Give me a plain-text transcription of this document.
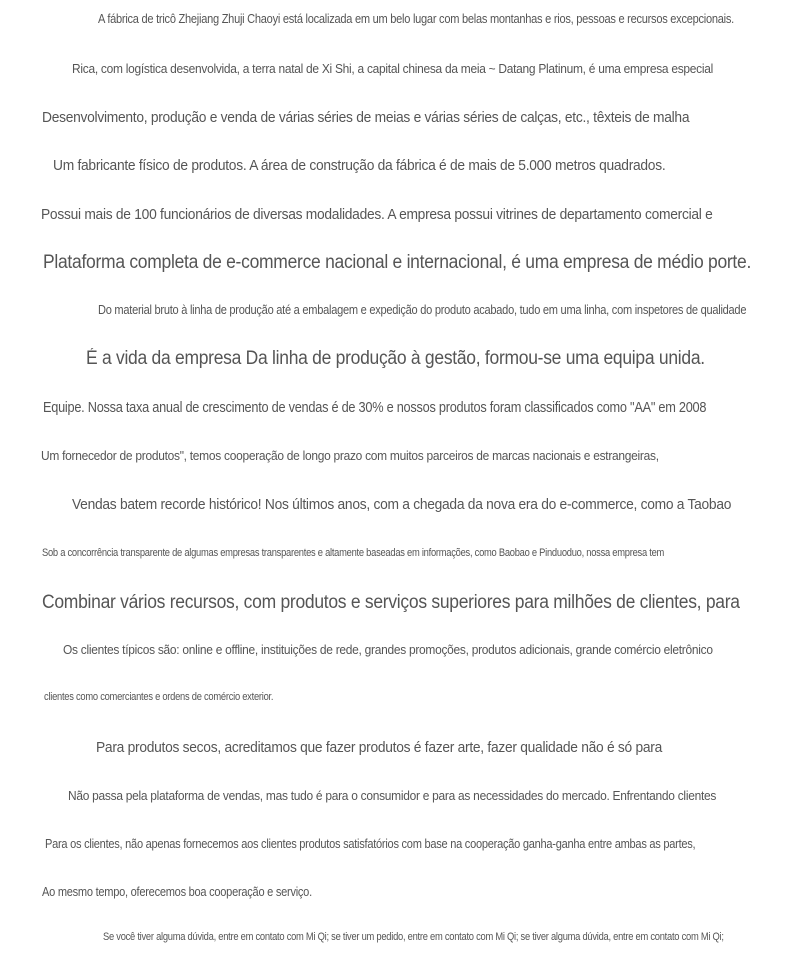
A fábrica de tricô Zhejiang Zhuji Chaoyi está localizada em um belo lugar com belas montanhas e rios, pessoas e recursos excepcionais.
Rica, com logística desenvolvida, a terra natal de Xi Shi, a capital chinesa da meia ~ Datang Platinum, é uma empresa especial
Desenvolvimento, produção e venda de várias séries de meias e várias séries de calças, etc., têxteis de malha
Um fabricante físico de produtos. A área de construção da fábrica é de mais de 5.000 metros quadrados.
Possui mais de 100 funcionários de diversas modalidades. A empresa possui vitrines de departamento comercial e
Plataforma completa de e-commerce nacional e internacional, é uma empresa de médio porte.
Do material bruto à linha de produção até a embalagem e expedição do produto acabado, tudo em uma linha, com inspetores de qualidade
É a vida da empresa Da linha de produção à gestão, formou-se uma equipa unida.
Equipe. Nossa taxa anual de crescimento de vendas é de 30% e nossos produtos foram classificados como "AA" em 2008
Um fornecedor de produtos", temos cooperação de longo prazo com muitos parceiros de marcas nacionais e estrangeiras,
Vendas batem recorde histórico! Nos últimos anos, com a chegada da nova era do e-commerce, como a Taobao
Sob a concorrência transparente de algumas empresas transparentes e altamente baseadas em informações, como Baobao e Pinduoduo, nossa empresa tem
Combinar vários recursos, com produtos e serviços superiores para milhões de clientes, para
Os clientes típicos são: online e offline, instituições de rede, grandes promoções, produtos adicionais, grande comércio eletrônico
clientes como comerciantes e ordens de comércio exterior.
Para produtos secos, acreditamos que fazer produtos é fazer arte, fazer qualidade não é só para
Não passa pela plataforma de vendas, mas tudo é para o consumidor e para as necessidades do mercado. Enfrentando clientes
Para os clientes, não apenas fornecemos aos clientes produtos satisfatórios com base na cooperação ganha-ganha entre ambas as partes,
Ao mesmo tempo, oferecemos boa cooperação e serviço.
Se você tiver alguma dúvida, entre em contato com Mi Qi; se tiver um pedido, entre em contato com Mi Qi; se tiver alguma dúvida, entre em contato com Mi Qi;
